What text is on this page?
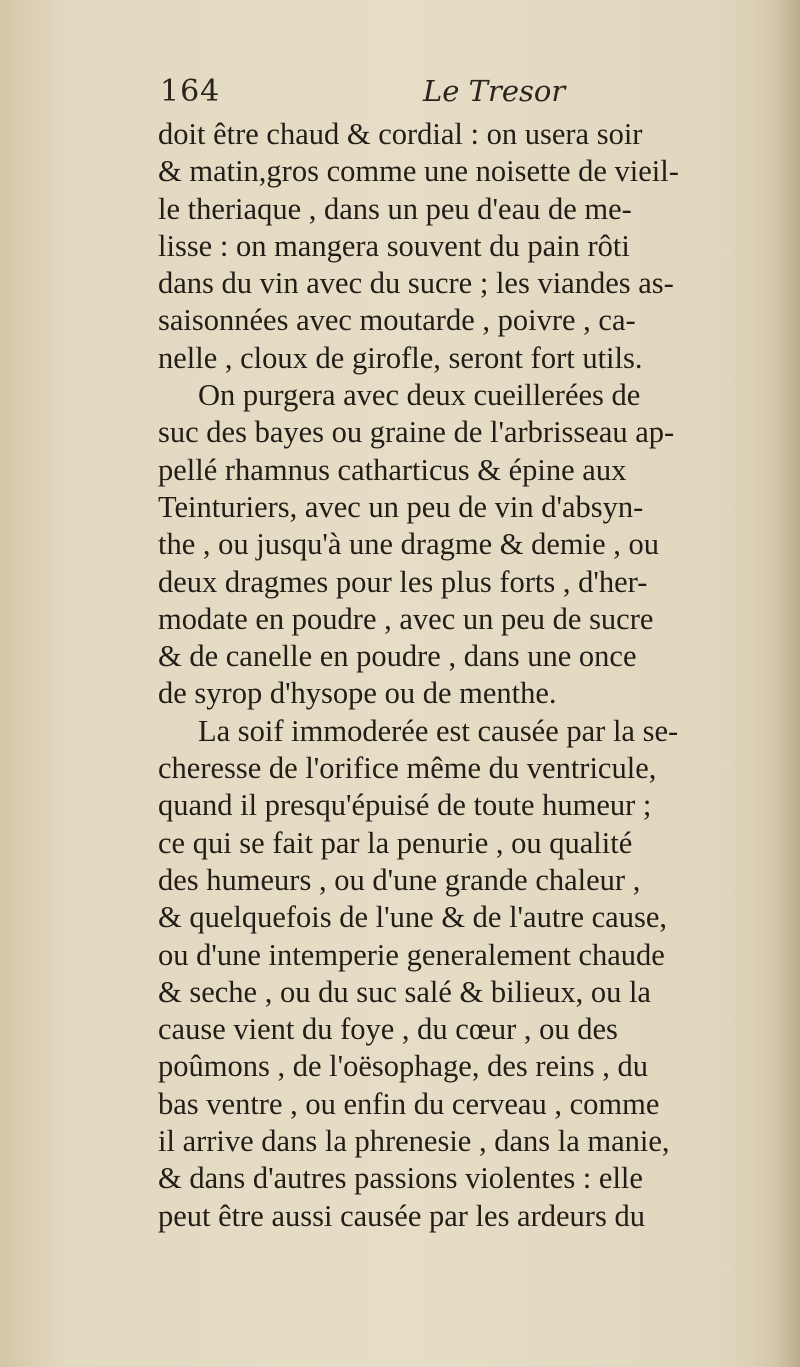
164	Le Tresor
doit être chaud & cordial : on usera soir
& matin,gros comme une noisette de vieil-
le theriaque , dans un peu d'eau de me-
lisse : on mangera souvent du pain rôti
dans du vin avec du sucre ; les viandes as-
saisonnées avec moutarde , poivre , ca-
nelle , cloux de girofle, seront fort utils.
On purgera avec deux cueillerées de
suc des bayes ou graine de l'arbrisseau ap-
pellé rhamnus catharticus & épine aux
Teinturiers, avec un peu de vin d'absyn-
the , ou jusqu'à une dragme & demie , ou
deux dragmes pour les plus forts , d'her-
modate en poudre , avec un peu de sucre
& de canelle en poudre , dans une once
de syrop d'hysope ou de menthe.
La soif immoderée est causée par la se-
cheresse de l'orifice même du ventricule,
quand il presqu'épuisé de toute humeur ;
ce qui se fait par la penurie , ou qualité
des humeurs , ou d'une grande chaleur ,
& quelquefois de l'une & de l'autre cause,
ou d'une intemperie generalement chaude
& seche , ou du suc salé & bilieux, ou la
cause vient du foye , du cœur , ou des
poûmons , de l'oësophage, des reins , du
bas ventre , ou enfin du cerveau , comme
il arrive dans la phrenesie , dans la manie,
& dans d'autres passions violentes : elle
peut être aussi causée par les ardeurs du
